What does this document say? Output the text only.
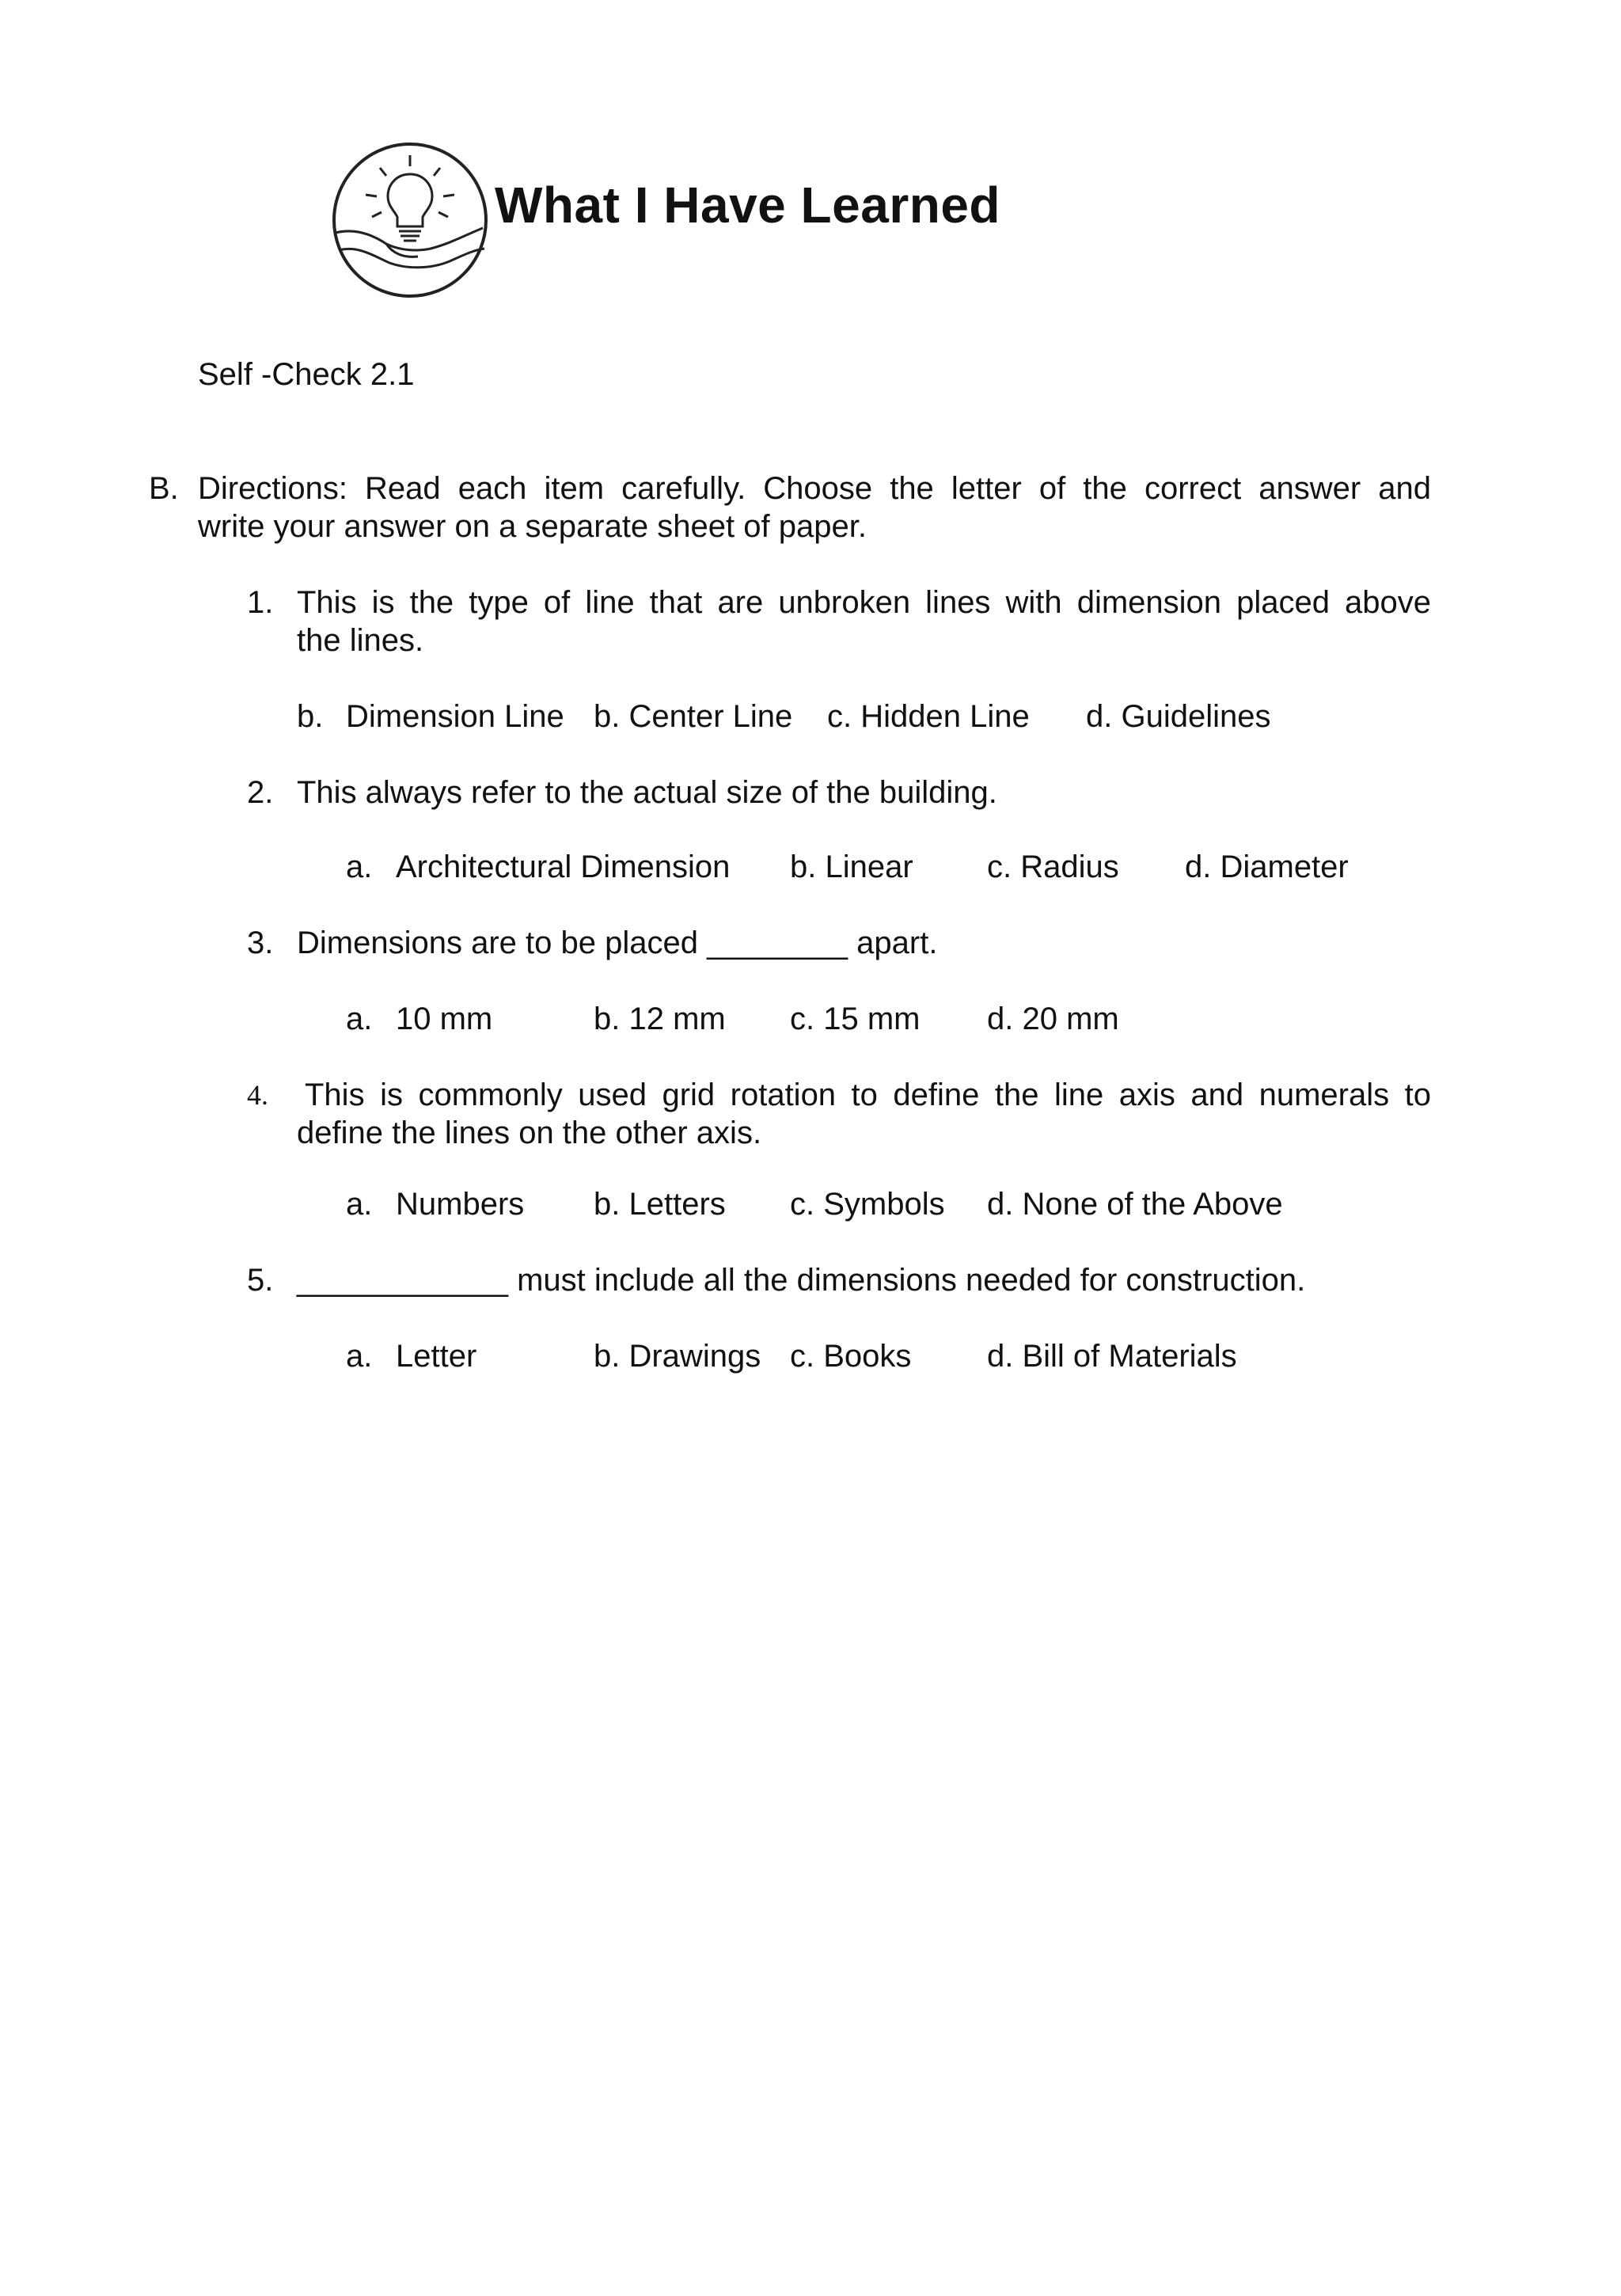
What I Have Learned
Self -Check 2.1
B. Directions: Read each item carefully. Choose the letter of the correct answer and
write your answer on a separate sheet of paper.
1. This is the type of line that are unbroken lines with dimension placed above
the lines.
b. Dimension Line b. Center Line c. Hidden Line d. Guidelines
2. This always refer to the actual size of the building.
a. Architectural Dimension b. Linear c. Radius d. Diameter
3. Dimensions are to be placed ________ apart.
a. 10 mm	b. 12 mm c. 15 mm d. 20 mm
4. This is commonly used grid rotation to define the line axis and numerals to
define the lines on the other axis.
a. Numbers b. Letters c. Symbols d. None of the Above
5. ____________ must include all the dimensions needed for construction.
a. Letter	b. Drawings c. Books d. Bill of Materials
